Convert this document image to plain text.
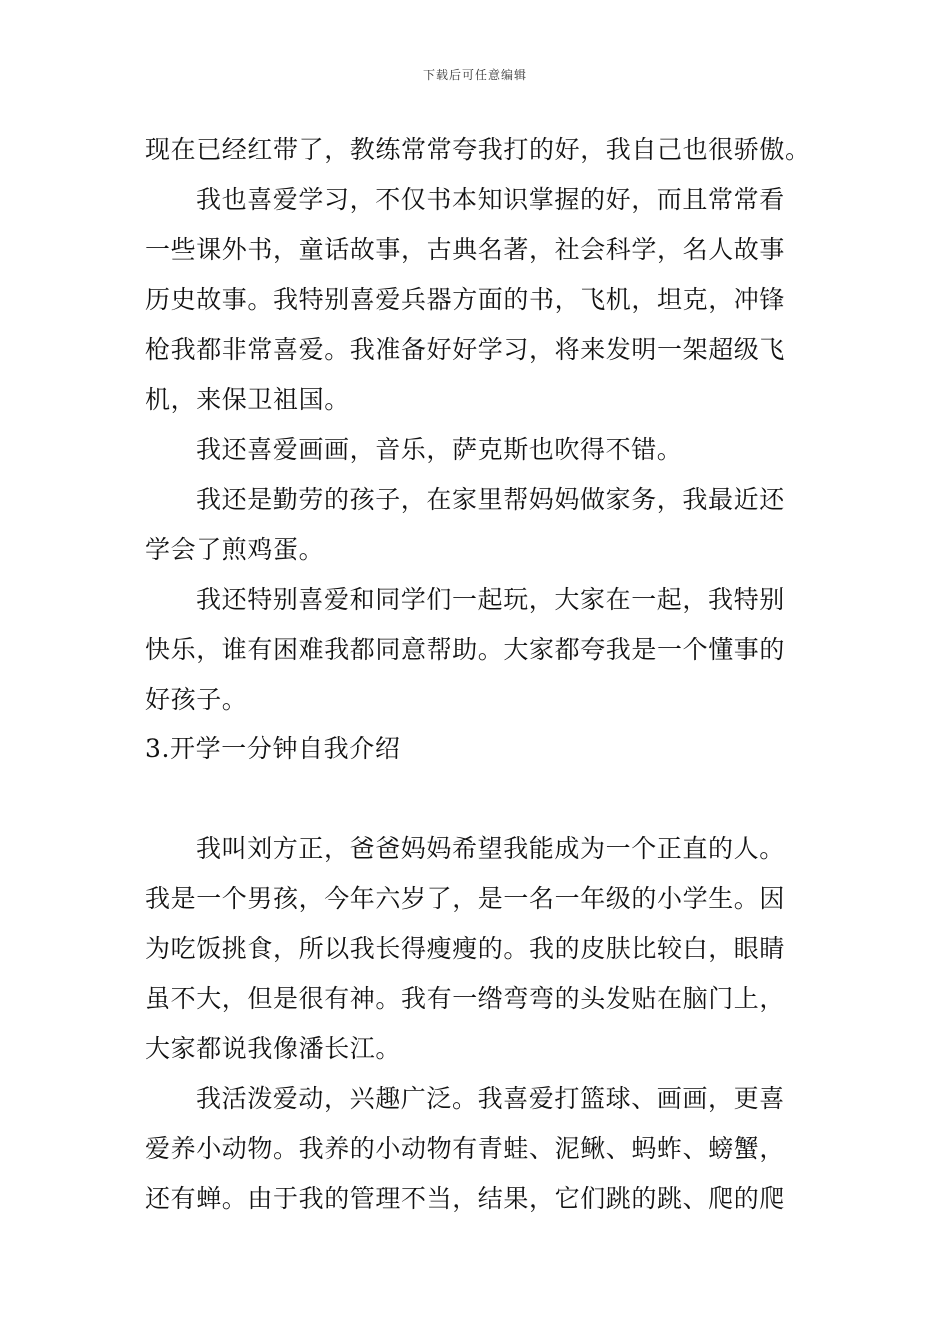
下载后可任意编辑
现在已经红带了，教练常常夸我打的好，我自己也很骄傲。
我也喜爱学习，不仅书本知识掌握的好，而且常常看
一些课外书，童话故事，古典名著，社会科学，名人故事
历史故事。我特别喜爱兵器方面的书，飞机，坦克，冲锋
枪我都非常喜爱。我准备好好学习，将来发明一架超级飞
机，来保卫祖国。
我还喜爱画画，音乐，萨克斯也吹得不错。
我还是勤劳的孩子，在家里帮妈妈做家务，我最近还
学会了煎鸡蛋。
我还特别喜爱和同学们一起玩，大家在一起，我特别
快乐，谁有困难我都同意帮助。大家都夸我是一个懂事的
好孩子。
3.开学一分钟自我介绍
我叫刘方正，爸爸妈妈希望我能成为一个正直的人。
我是一个男孩，今年六岁了，是一名一年级的小学生。因
为吃饭挑食，所以我长得瘦瘦的。我的皮肤比较白，眼睛
虽不大，但是很有神。我有一绺弯弯的头发贴在脑门上，
大家都说我像潘长江。
我活泼爱动，兴趣广泛。我喜爱打篮球、画画，更喜
爱养小动物。我养的小动物有青蛙、泥鳅、蚂蚱、螃蟹，
还有蝉。由于我的管理不当，结果，它们跳的跳、爬的爬
